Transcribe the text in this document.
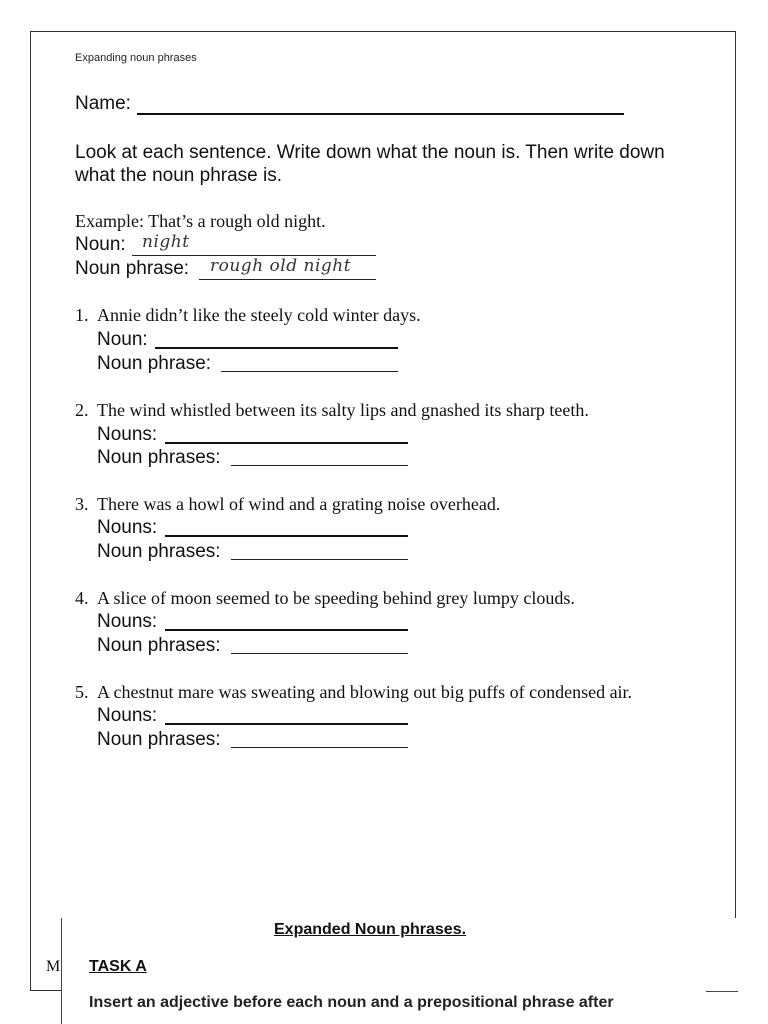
Expanding noun phrases
Name:
Look at each sentence. Write down what the noun is. Then write down
what the noun phrase is.
Example: That’s a rough old night.
Noun: night
Noun phrase: rough old night
1. Annie didn’t like the steely cold winter days.
Noun:
Noun phrase:
2. The wind whistled between its salty lips and gnashed its sharp teeth.
Nouns:
Noun phrases:
3. There was a howl of wind and a grating noise overhead.
Nouns:
Noun phrases:
4. A slice of moon seemed to be speeding behind grey lumpy clouds.
Nouns:
Noun phrases:
5. A chestnut mare was sweating and blowing out big puffs of condensed air.
Nouns:
Noun phrases:
M
Expanded Noun phrases.
TASK A
Insert an adjective before each noun and a prepositional phrase after
